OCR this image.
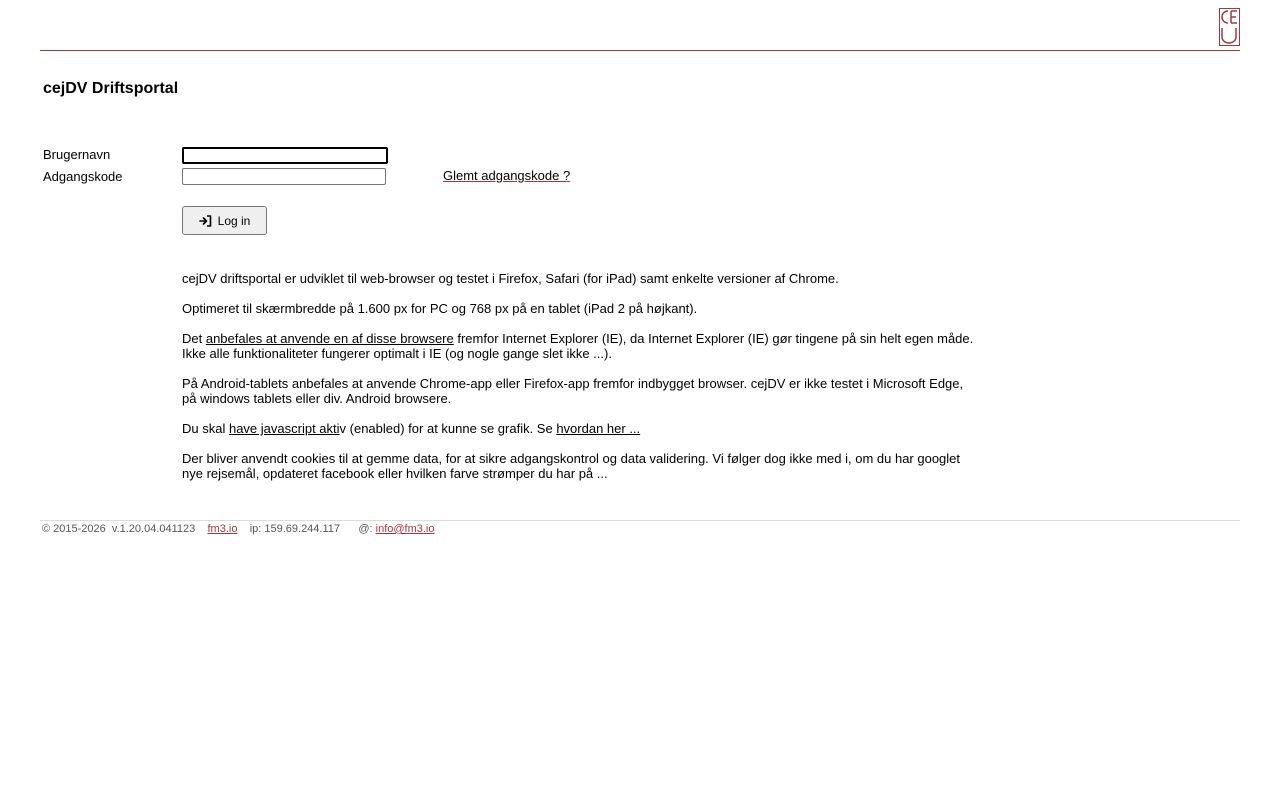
cejDV Driftsportal
Brugernavn
Adgangskode	Glemt adgangskode ?
Log in

cejDV driftsportal er udviklet til web-browser og testet i Firefox, Safari (for iPad) samt enkelte versioner af Chrome.

Optimeret til skærmbredde på 1.600 px for PC og 768 px på en tablet (iPad 2 på højkant).

Det anbefales at anvende en af disse browsere fremfor Internet Explorer (IE), da Internet Explorer (IE) gør tingene på sin helt egen måde.
Ikke alle funktionaliteter fungerer optimalt i IE (og nogle gange slet ikke ...).

På Android-tablets anbefales at anvende Chrome-app eller Firefox-app fremfor indbygget browser. cejDV er ikke testet i Microsoft Edge,
på windows tablets eller div. Android browsere.

Du skal have javascript aktiv (enabled) for at kunne se grafik. Se hvordan her ...

Der bliver anvendt cookies til at gemme data, for at sikre adgangskontrol og data validering. Vi følger dog ikke med i, om du har googlet
nye rejsemål, opdateret facebook eller hvilken farve strømper du har på ...

© 2015-2026  v.1.20.04.041123    fm3.io    ip: 159.69.244.117      @: info@fm3.io
